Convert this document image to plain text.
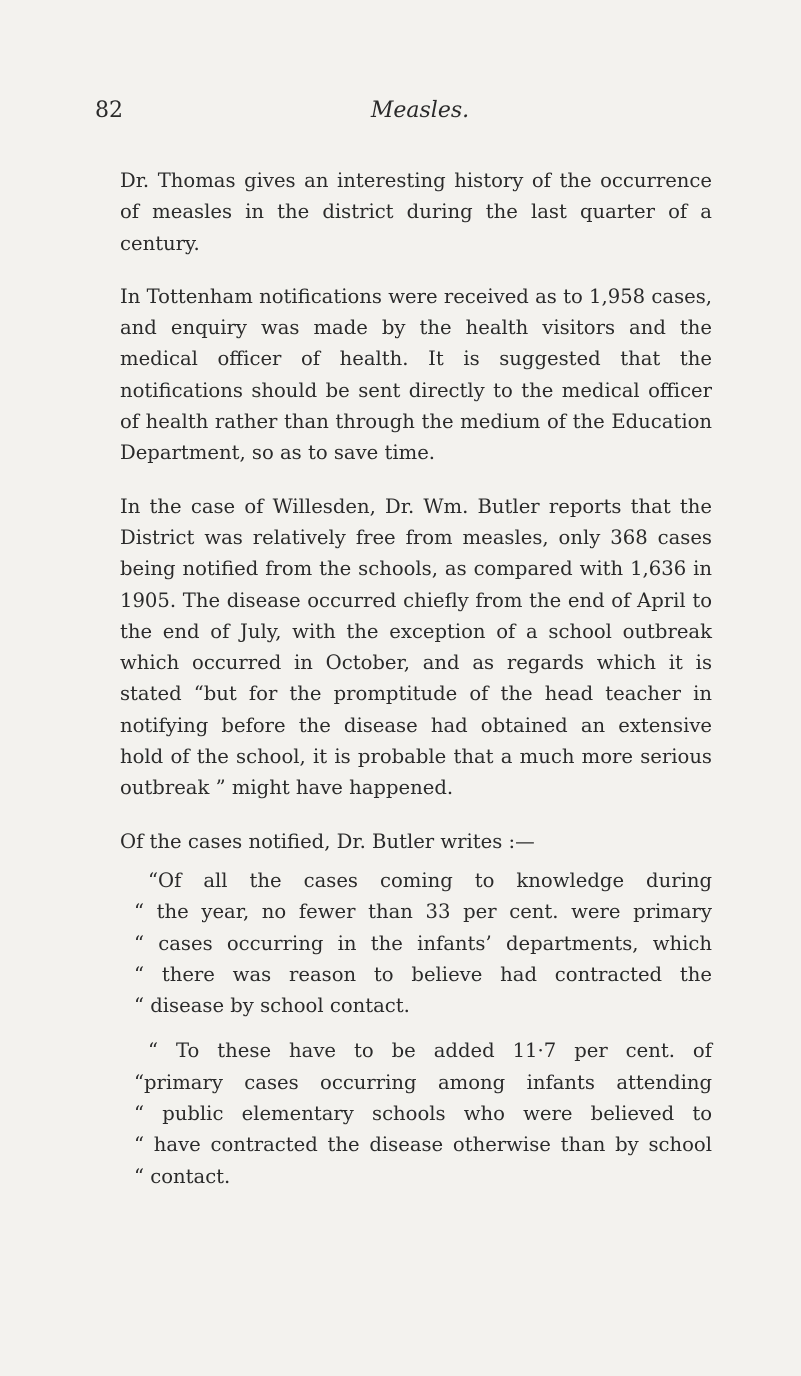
82	Measles.

Dr. Thomas gives an interesting history of the occurrence of measles in the district during the last quarter of a century.

In Tottenham notifications were received as to 1,958 cases, and enquiry was made by the health visitors and the medical officer of health. It is suggested that the notifications should be sent directly to the medical officer of health rather than through the medium of the Education Department, so as to save time.

In the case of Willesden, Dr. Wm. Butler reports that the District was relatively free from measles, only 368 cases being notified from the schools, as compared with 1,636 in 1905. The disease occurred chiefly from the end of April to the end of July, with the exception of a school outbreak which occurred in October, and as regards which it is stated “but for the promptitude of the head teacher in notifying before the disease had obtained an extensive hold of the school, it is probable that a much more serious outbreak ” might have happened.

Of the cases notified, Dr. Butler writes :—

“Of all the cases coming to knowledge during
“ the year, no fewer than 33 per cent. were primary
“ cases occurring in the infants’ departments, which
“ there was reason to believe had contracted the
“ disease by school contact.
“ To these have to be added 11·7 per cent. of
“primary cases occurring among infants attending
“ public elementary schools who were believed to
“ have contracted the disease otherwise than by school
“ contact.
